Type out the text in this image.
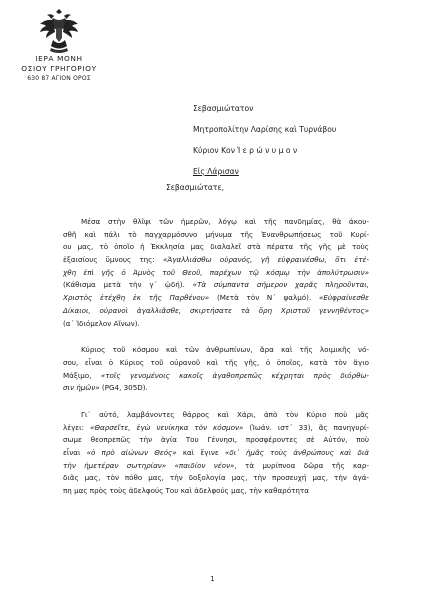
ΙΕΡΑ ΜΟΝΗ
ΟΣΙΟΥ ΓΡΗΓΟΡΙΟΥ
630 87 ΑΓΙΟΝ ΟΡΟΣ
Σεβασμιώτατον
Μητροπολίτην Λαρίσης καὶ Τυρνάβου
Κύριον Κον Ἱ ε ρ ώ ν υ μ ο ν
Εἰς Λάρισαν
Σεβασμιώτατε,
Μέσα στὴν θλῖψι τῶν ἡμερῶν, λόγῳ καὶ τῆς πανδημίας, θὰ ἀκου-
σθῆ καὶ πάλι τὸ παγχαρμόσυνο μήνυμα τῆς Ἐνανθρωπήσεως τοῦ Κυρί-
ου μας, τὸ ὁποῖο ἡ Ἐκκλησία μας διαλαλεῖ στὰ πέρατα τῆς γῆς μὲ τοὺς
ἐξαισίους ὕμνους της: «Ἀγαλλιάσθω οὐρανός, γῆ εὐφραινέσθω, ὅτι ἐτέ-
χθη ἐπὶ γῆς ὁ Ἀμνὸς τοῦ Θεοῦ, παρέχων τῷ κόσμῳ τὴν ἀπολύτρωσιν»
(Κάθισμα μετὰ τὴν γ΄ ᾠδή). «Τὰ σύμπαντα σήμερον χαρᾶς πληροῦνται,
Χριστὸς ἐτέχθη ἐκ τῆς Παρθένου» (Μετὰ τὸν Ν΄ ψαλμό). «Εὐφραίνεσθε
Δίκαιοι, οὐρανοὶ ἀγαλλιᾶσθε, σκιρτήσατε τὰ ὄρη Χριστοῦ γεννηθέντος»
(α΄ Ἰδιόμελον Αἴνων).
Κύριος τοῦ κόσμου καὶ τῶν ἀνθρωπίνων, ἄρα καὶ τῆς λοιμικῆς νό-
σου, εἶναι ὁ Κύριος τοῦ οὐρανοῦ καὶ τῆς γῆς, ὁ ὁποῖος, κατὰ τὸν ἅγιο
Μάξιμο, «τοῖς γενομένοις κακοῖς ἀγαθοπρεπῶς κέχρηται πρὸς διόρθω-
σιν ἡμῶν» (PG4, 305D).
Γι᾿ αὐτό, λαμβάνοντες θάρρος καὶ Χάρι, ἀπὸ τὸν Κύριο ποὺ μᾶς
λέγει: «Θαρσεῖτε, ἐγὼ νενίκηκα τὸν κόσμον» (Ἰωάν. ιστ΄ 33), ἂς πανηγυρί-
σωμε θεοπρεπῶς τὴν ἁγία Του Γέννησι, προσφέροντες σὲ Αὐτόν, ποὺ
εἶναι «ὁ πρὸ αἰώνων Θεός» καὶ ἔγινε «δι᾿ ἡμᾶς τοὺς ἀνθρώπους καὶ διὰ
τὴν ἡμετέραν σωτηρίαν» «παιδίον νέον», τὰ μυρίπνοα δῶρα τῆς καρ-
διᾶς μας, τὸν πόθο μας, τὴν δοξολογία μας, τὴν προσευχή μας, τὴν ἀγά-
πη μας πρὸς τοὺς ἀδελφούς Του καὶ ἀδελφούς μας, τὴν καθαρότητα
1
